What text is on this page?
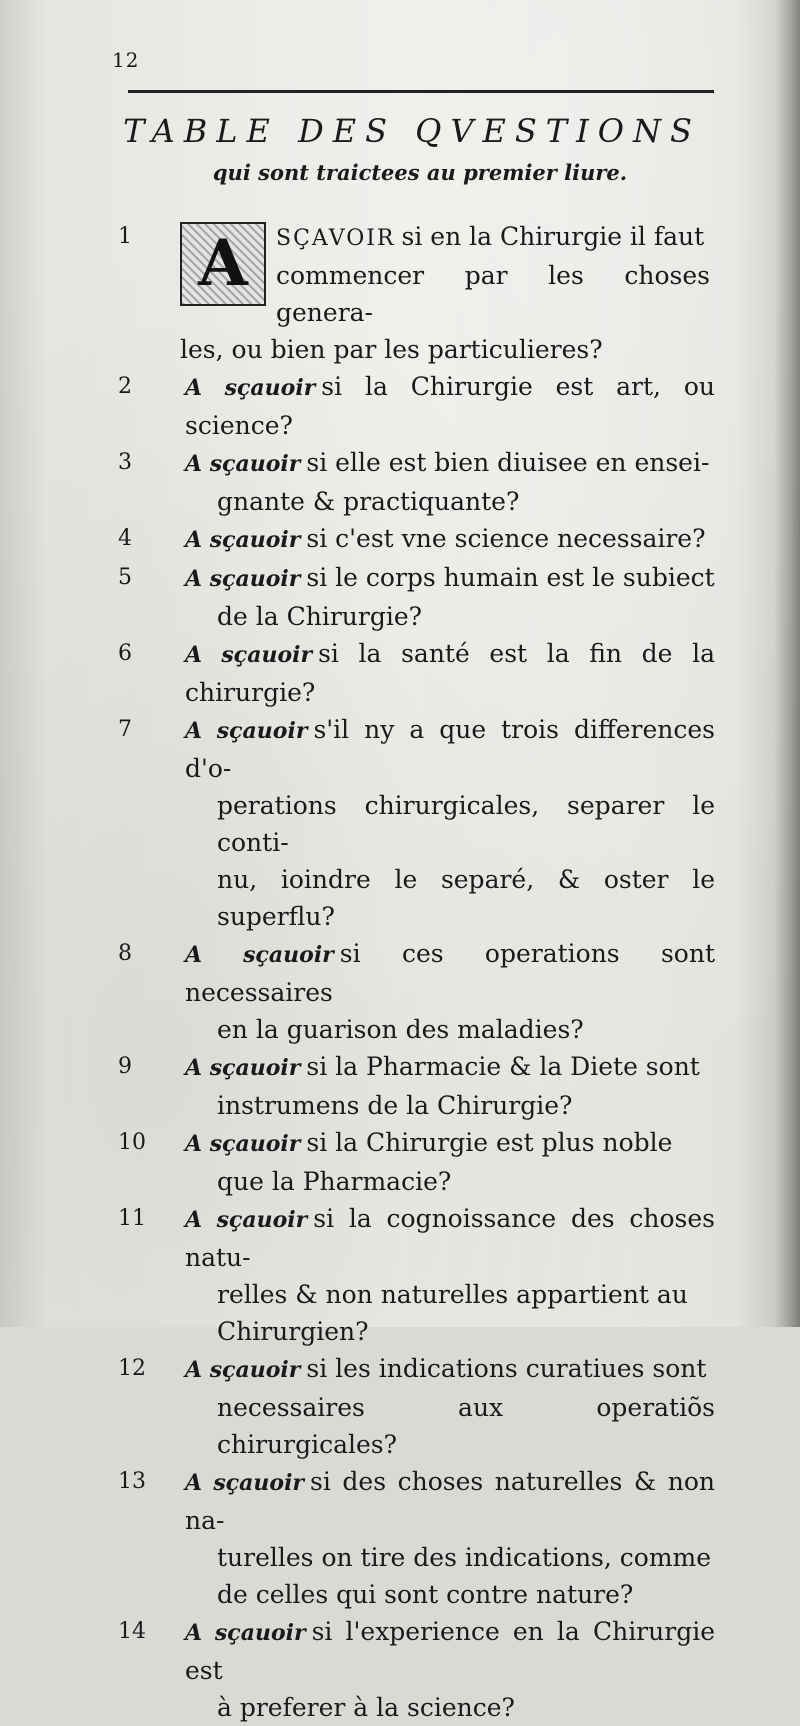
12
TABLE DES QVESTIONS
qui sont traictees au premier liure.
1	A	SÇAVOIR si en la Chirurgie il faut
commencer par les choses genera-
les, ou bien par les particulieres?
2	A sçauoir si la Chirurgie est art, ou science?
3	A sçauoir si elle est bien diuisee en ensei-
gnante & practiquante?
4	A sçauoir si c'est vne science necessaire?
5	A sçauoir si le corps humain est le subiect
de la Chirurgie?
6	A sçauoir si la santé est la fin de la chirurgie?
7	A sçauoir s'il ny a que trois differences d'o-
perations chirurgicales, separer le conti-
nu, ioindre le separé, & oster le superflu?
8	A sçauoir si ces operations sont necessaires
en la guarison des maladies?
9	A sçauoir si la Pharmacie & la Diete sont
instrumens de la Chirurgie?
10	A sçauoir si la Chirurgie est plus noble
que la Pharmacie?
11	A sçauoir si la cognoissance des choses natu-
relles & non naturelles appartient au
Chirurgien?
12	A sçauoir si les indications curatiues sont
necessaires aux operatiõs chirurgicales?
13	A sçauoir si des choses naturelles & non na-
turelles on tire des indications, comme
de celles qui sont contre nature?
14	A sçauoir si l'experience en la Chirurgie est
à preferer à la science?
